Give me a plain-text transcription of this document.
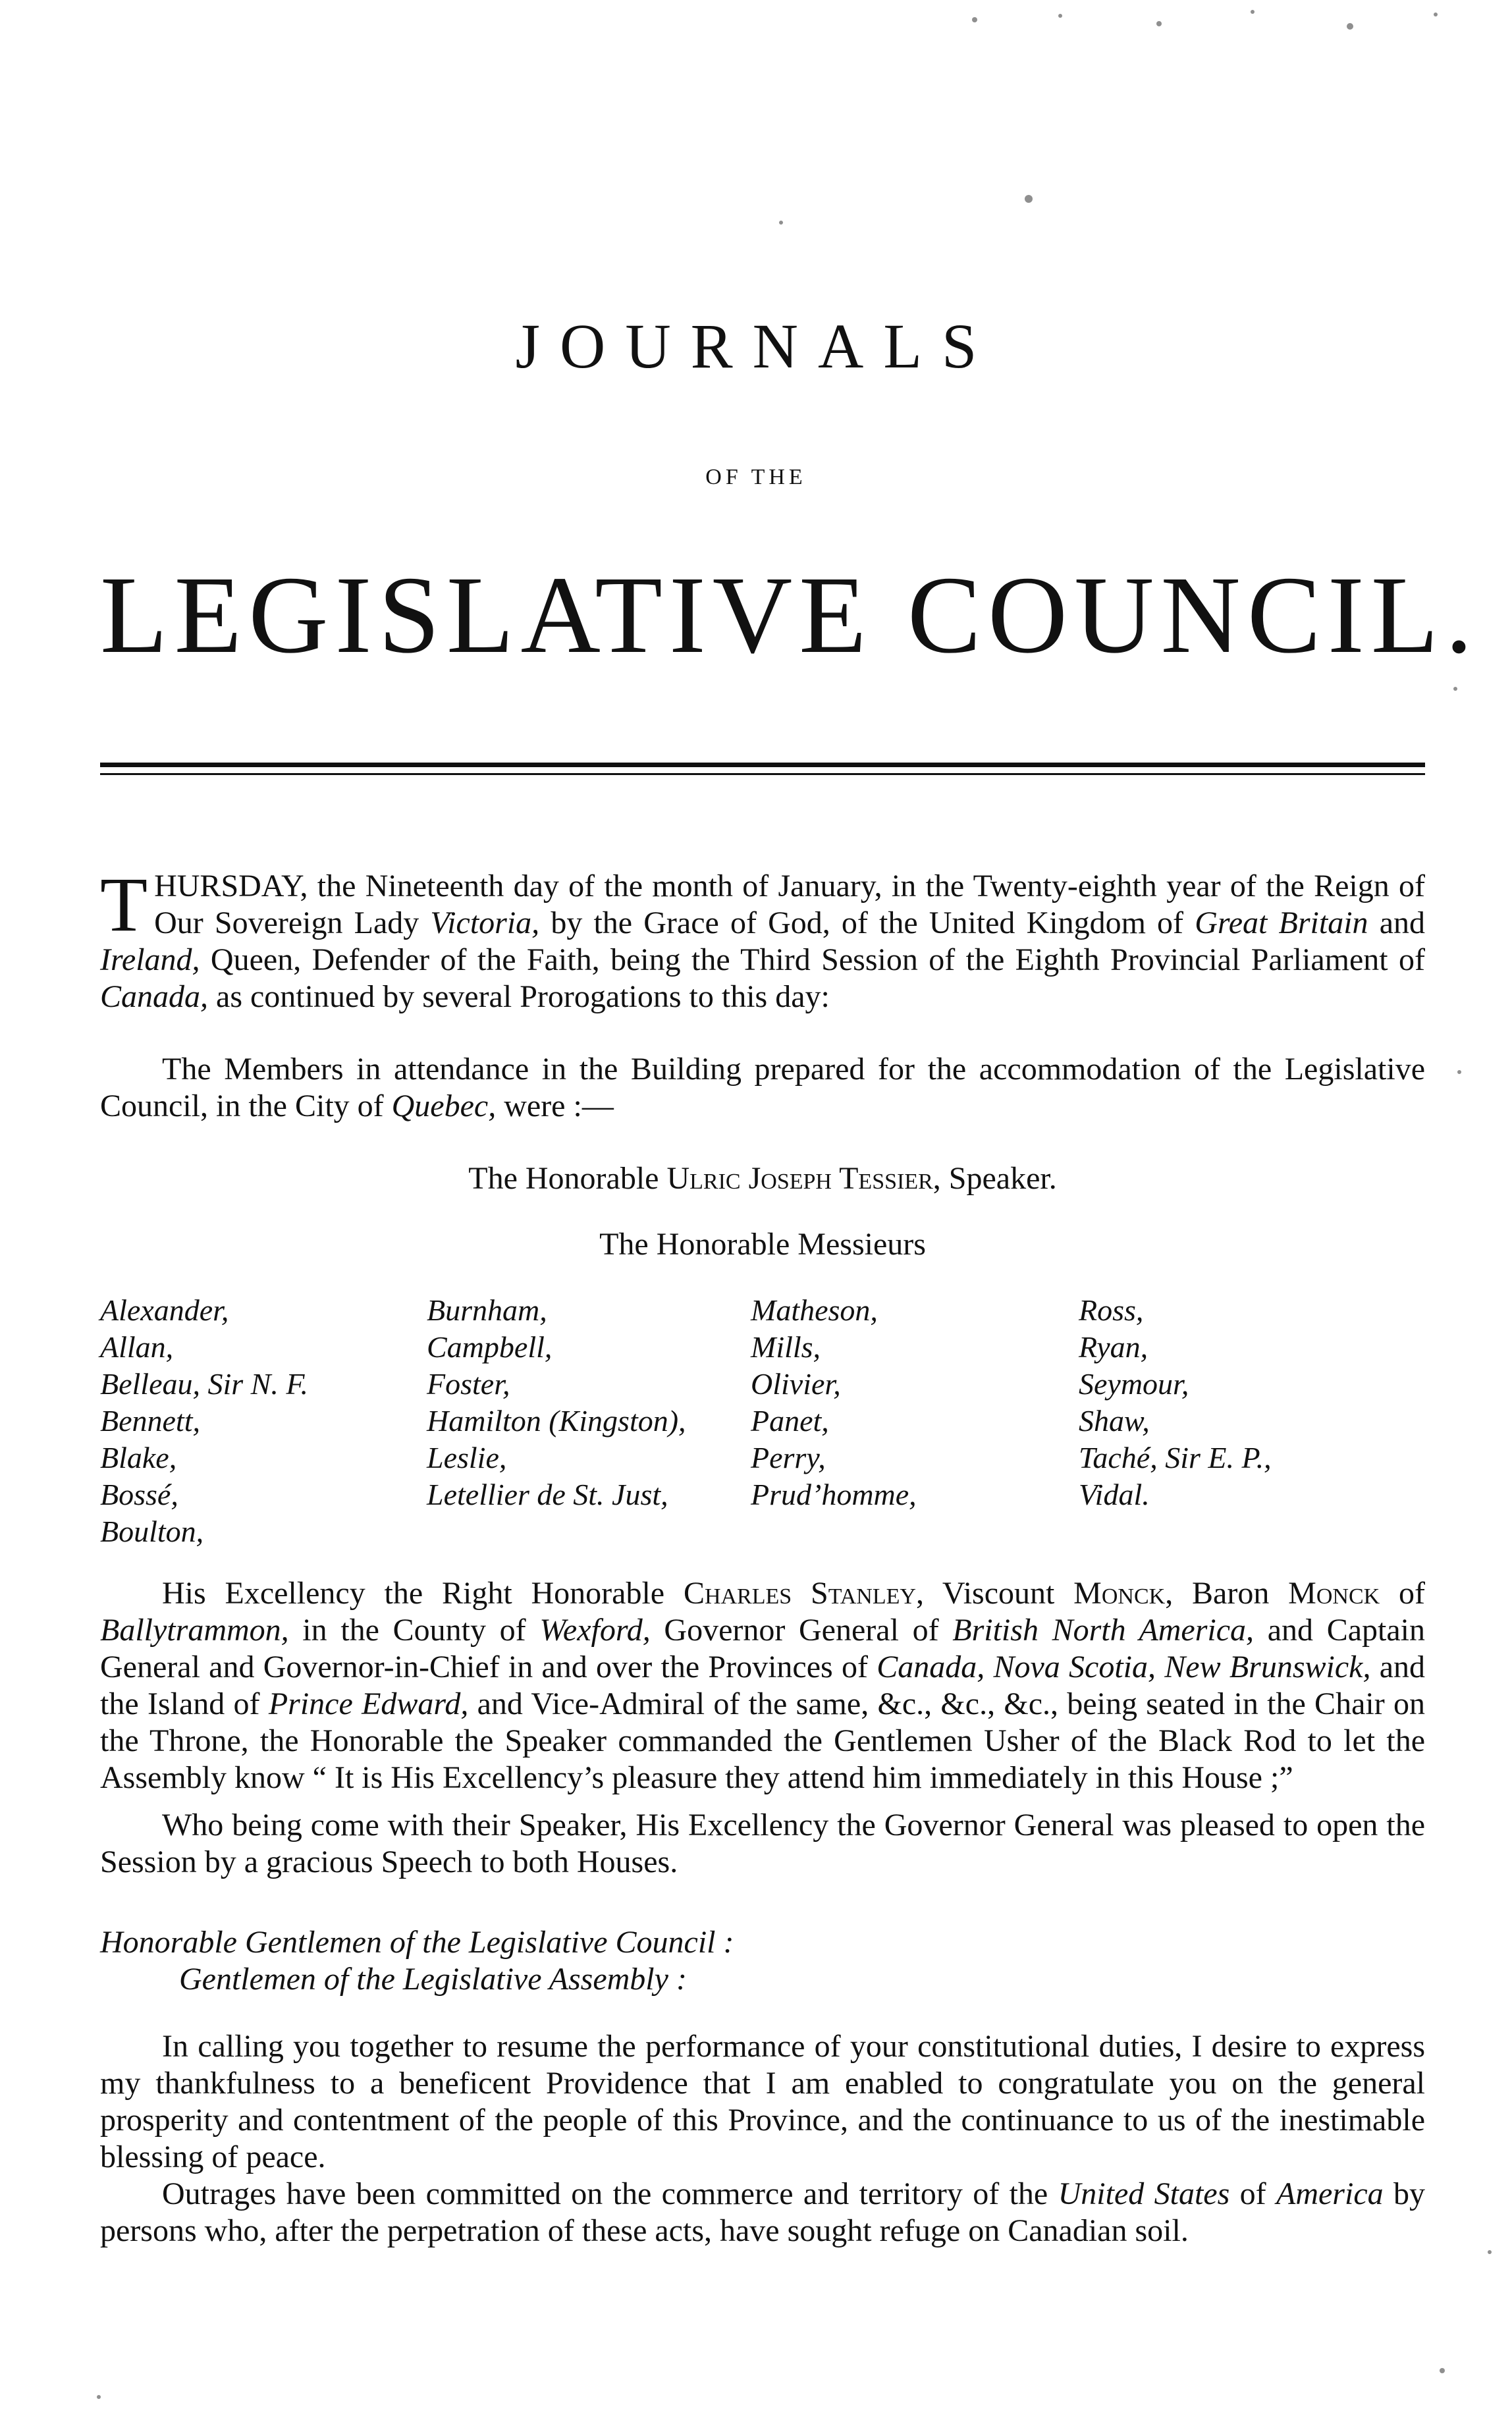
JOURNALS
OF THE
LEGISLATIVE COUNCIL.
THURSDAY, the Nineteenth day of the month of January, in the Twenty-eighth year of the Reign of Our Sovereign Lady Victoria, by the Grace of God, of the United Kingdom of Great Britain and Ireland, Queen, Defender of the Faith, being the Third Session of the Eighth Provincial Parliament of Canada, as continued by several Prorogations to this day:
The Members in attendance in the Building prepared for the accommodation of the Legislative Council, in the City of Quebec, were :—
The Honorable Ulric Joseph Tessier, Speaker.
The Honorable Messieurs
Alexander,
Allan,
Belleau, Sir N. F.
Bennett,
Blake,
Bossé,
Boulton,
Burnham,
Campbell,
Foster,
Hamilton (Kingston),
Leslie,
Letellier de St. Just,
Matheson,
Mills,
Olivier,
Panet,
Perry,
Prud’homme,
Ross,
Ryan,
Seymour,
Shaw,
Taché, Sir E. P.,
Vidal.
His Excellency the Right Honorable Charles Stanley, Viscount Monck, Baron Monck of Ballytrammon, in the County of Wexford, Governor General of British North America, and Captain General and Governor-in-Chief in and over the Provinces of Canada, Nova Scotia, New Brunswick, and the Island of Prince Edward, and Vice-Admiral of the same, &c., &c., &c., being seated in the Chair on the Throne, the Honorable the Speaker commanded the Gentlemen Usher of the Black Rod to let the Assembly know “ It is His Excellency’s pleasure they attend him immediately in this House ;”
Who being come with their Speaker, His Excellency the Governor General was pleased to open the Session by a gracious Speech to both Houses.
Honorable Gentlemen of the Legislative Council :
Gentlemen of the Legislative Assembly :
In calling you together to resume the performance of your constitutional duties, I desire to express my thankfulness to a beneficent Providence that I am enabled to congratulate you on the general prosperity and contentment of the people of this Province, and the continuance to us of the inestimable blessing of peace.
Outrages have been committed on the commerce and territory of the United States of America by persons who, after the perpetration of these acts, have sought refuge on Canadian soil.
